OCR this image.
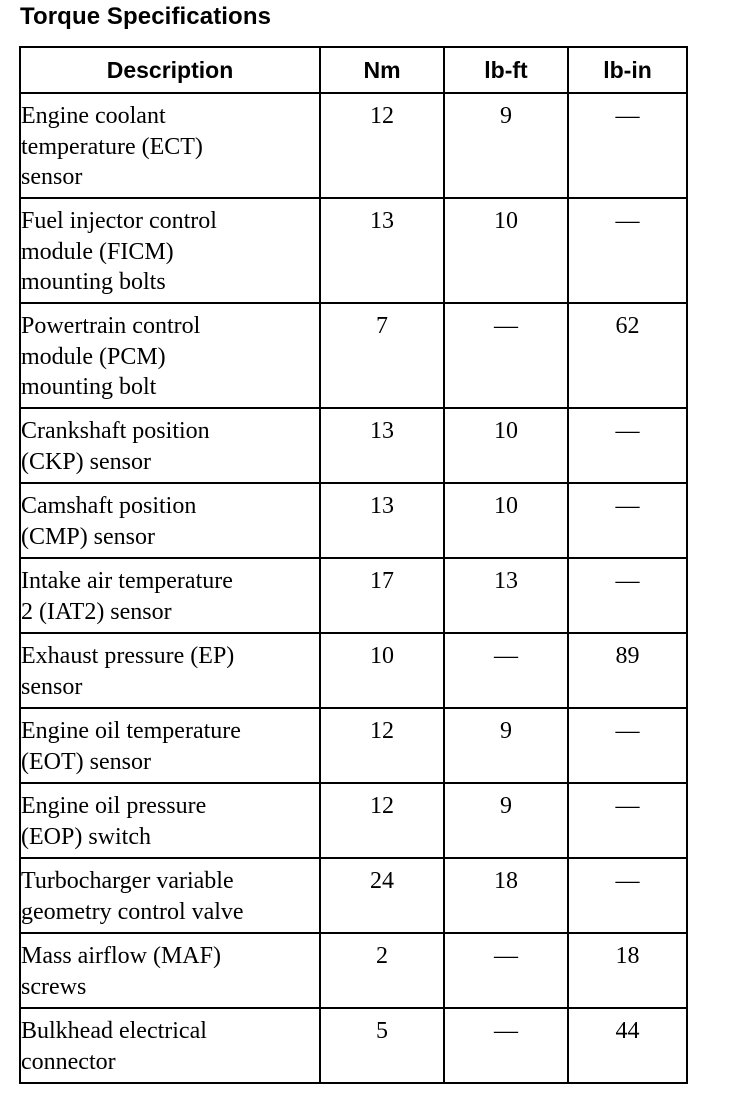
Torque Specifications
Description	Nm	lb-ft	lb-in

Engine coolant
temperature (ECT)
sensor	12	9	—

Fuel injector control
module (FICM)
mounting bolts	13	10	—

Powertrain control
module (PCM)
mounting bolt	7	—	62

Crankshaft position
(CKP) sensor	13	10	—

Camshaft position
(CMP) sensor	13	10	—

Intake air temperature
2 (IAT2) sensor	17	13	—

Exhaust pressure (EP)
sensor	10	—	89

Engine oil temperature
(EOT) sensor	12	9	—

Engine oil pressure
(EOP) switch	12	9	—

Turbocharger variable
geometry control valve	24	18	—

Mass airflow (MAF)
screws	2	—	18

Bulkhead electrical
connector	5	—	44
